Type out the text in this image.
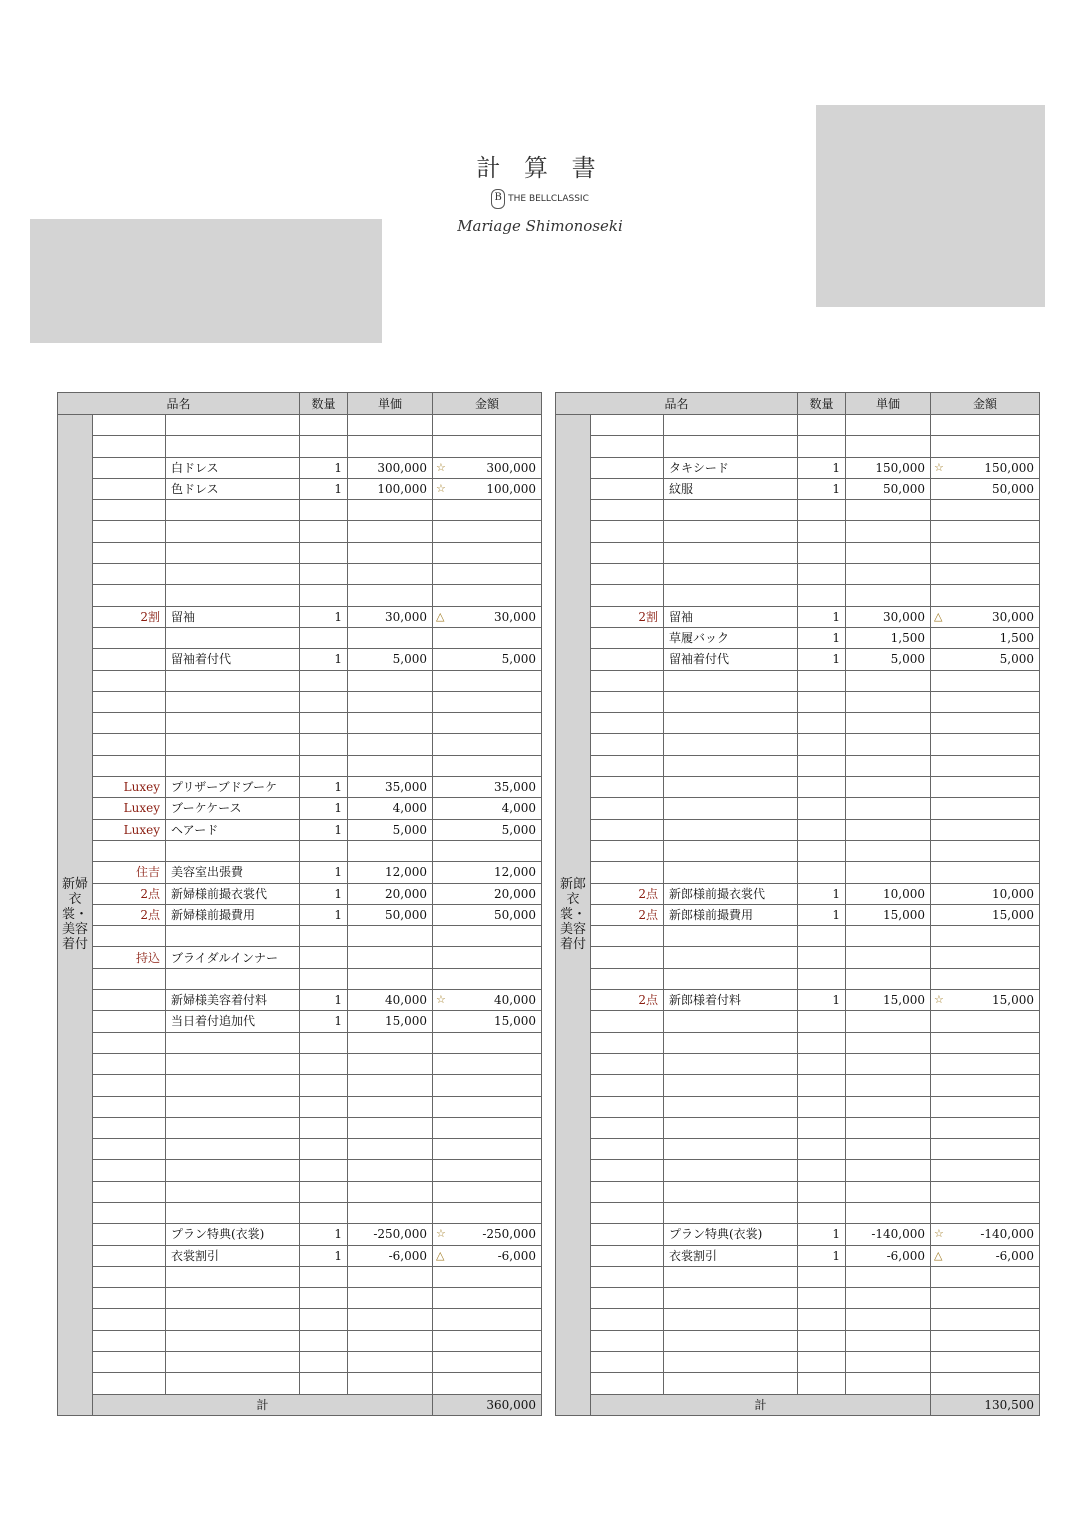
計 算 書
B THE BELLCLASSIC
Mariage Shimonoseki
品名			数量	単価	金額
新婦衣裳・美容着付					

		白ドレス	1	300,000	☆ 300,000
		色ドレス	1	100,000	☆ 100,000

	2割	留袖	1	30,000	△ 30,000

		留袖着付代	1	5,000	5,000

	Luxey	プリザーブドブーケ	1	35,000	35,000
	Luxey	ブーケケース	1	4,000	4,000
	Luxey	ヘアード	1	5,000	5,000

	住吉	美容室出張費	1	12,000	12,000
	2点	新婦様前撮衣裳代	1	20,000	20,000
	2点	新婦様前撮費用	1	50,000	50,000

	持込	ブライダルインナー			

		新婦様美容着付料	1	40,000	☆ 40,000
		当日着付追加代	1	15,000	15,000

		プラン特典(衣裳)	1	-250,000	☆ -250,000
		衣裳割引	1	-6,000	△ -6,000

	計				360,000
品名			数量	単価	金額
新郎衣裳・美容着付					

		タキシード	1	150,000	☆ 150,000
		紋服	1	50,000	50,000

	2割	留袖	1	30,000	△ 30,000
		草履バック	1	1,500	1,500
		留袖着付代	1	5,000	5,000

	2点	新郎様前撮衣裳代	1	10,000	10,000
	2点	新郎様前撮費用	1	15,000	15,000

	2点	新郎様着付料	1	15,000	☆ 15,000

		プラン特典(衣裳)	1	-140,000	☆ -140,000
		衣裳割引	1	-6,000	△ -6,000

	計				130,500
